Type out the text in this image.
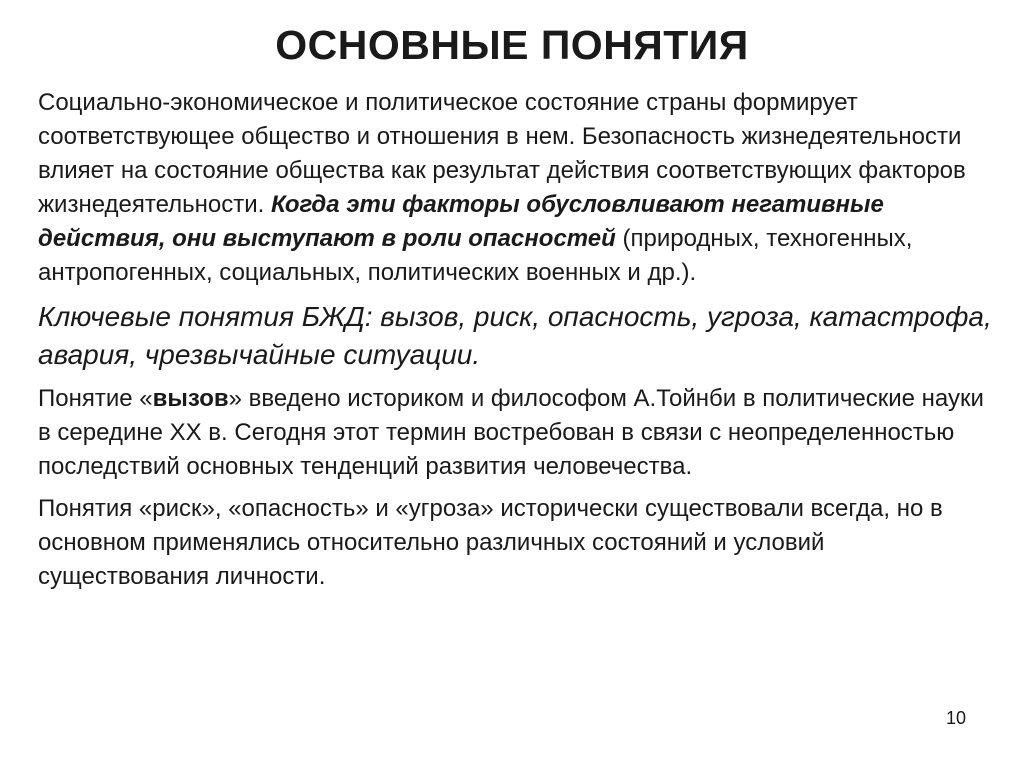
ОСНОВНЫЕ ПОНЯТИЯ

Социально-экономическое и политическое состояние страны формирует соответствующее общество и отношения в нем. Безопасность жизнедеятельности влияет на состояние общества как результат действия соответствующих факторов жизнедеятельности. Когда эти факторы обусловливают негативные действия, они выступают в роли опасностей (природных, техногенных, антропогенных, социальных, политических военных и др.).

Ключевые понятия БЖД: вызов, риск, опасность, угроза, катастрофа, авария, чрезвычайные ситуации.

Понятие «вызов» введено историком и философом А.Тойнби в политические науки в середине ХХ в. Сегодня этот термин востребован в связи с неопределенностью последствий основных тенденций развития человечества.

Понятия «риск», «опасность» и «угроза» исторически существовали всегда, но в основном применялись относительно различных состояний и условий существования личности.

10
